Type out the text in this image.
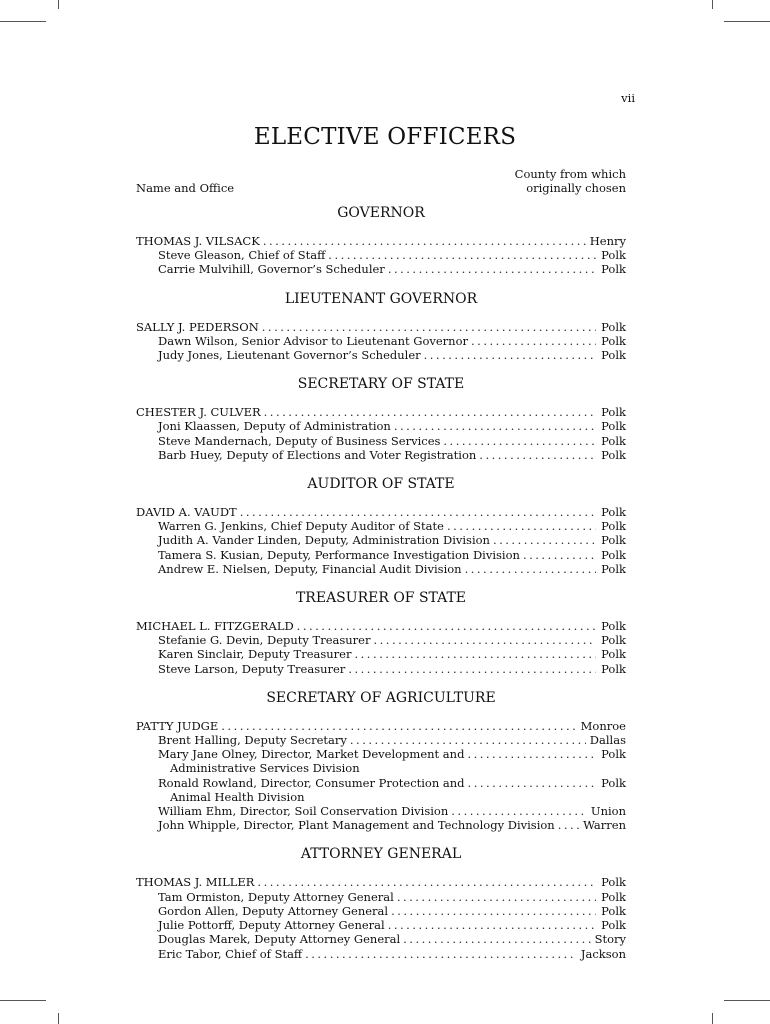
vii
ELECTIVE OFFICERS
Name and Office
County from which
originally chosen
GOVERNOR
THOMAS J. VILSACK .....	Henry
Steve Gleason, Chief of Staff .....	Polk
Carrie Mulvihill, Governor’s Scheduler .....	Polk
LIEUTENANT GOVERNOR
SALLY J. PEDERSON .....	Polk
Dawn Wilson, Senior Advisor to Lieutenant Governor .....	Polk
Judy Jones, Lieutenant Governor’s Scheduler .....	Polk
SECRETARY OF STATE
CHESTER J. CULVER .....	Polk
Joni Klaassen, Deputy of Administration .....	Polk
Steve Mandernach, Deputy of Business Services .....	Polk
Barb Huey, Deputy of Elections and Voter Registration .....	Polk
AUDITOR OF STATE
DAVID A. VAUDT .....	Polk
Warren G. Jenkins, Chief Deputy Auditor of State .....	Polk
Judith A. Vander Linden, Deputy, Administration Division .....	Polk
Tamera S. Kusian, Deputy, Performance Investigation Division .....	Polk
Andrew E. Nielsen, Deputy, Financial Audit Division .....	Polk
TREASURER OF STATE
MICHAEL L. FITZGERALD .....	Polk
Stefanie G. Devin, Deputy Treasurer .....	Polk
Karen Sinclair, Deputy Treasurer .....	Polk
Steve Larson, Deputy Treasurer .....	Polk
SECRETARY OF AGRICULTURE
PATTY JUDGE .....	Monroe
Brent Halling, Deputy Secretary .....	Dallas
Mary Jane Olney, Director, Market Development and .....	Polk
Administrative Services Division
Ronald Rowland, Director, Consumer Protection and .....	Polk
Animal Health Division
William Ehm, Director, Soil Conservation Division .....	Union
John Whipple, Director, Plant Management and Technology Division .....	Warren
ATTORNEY GENERAL
THOMAS J. MILLER .....	Polk
Tam Ormiston, Deputy Attorney General .....	Polk
Gordon Allen, Deputy Attorney General .....	Polk
Julie Pottorff, Deputy Attorney General .....	Polk
Douglas Marek, Deputy Attorney General .....	Story
Eric Tabor, Chief of Staff .....	Jackson
